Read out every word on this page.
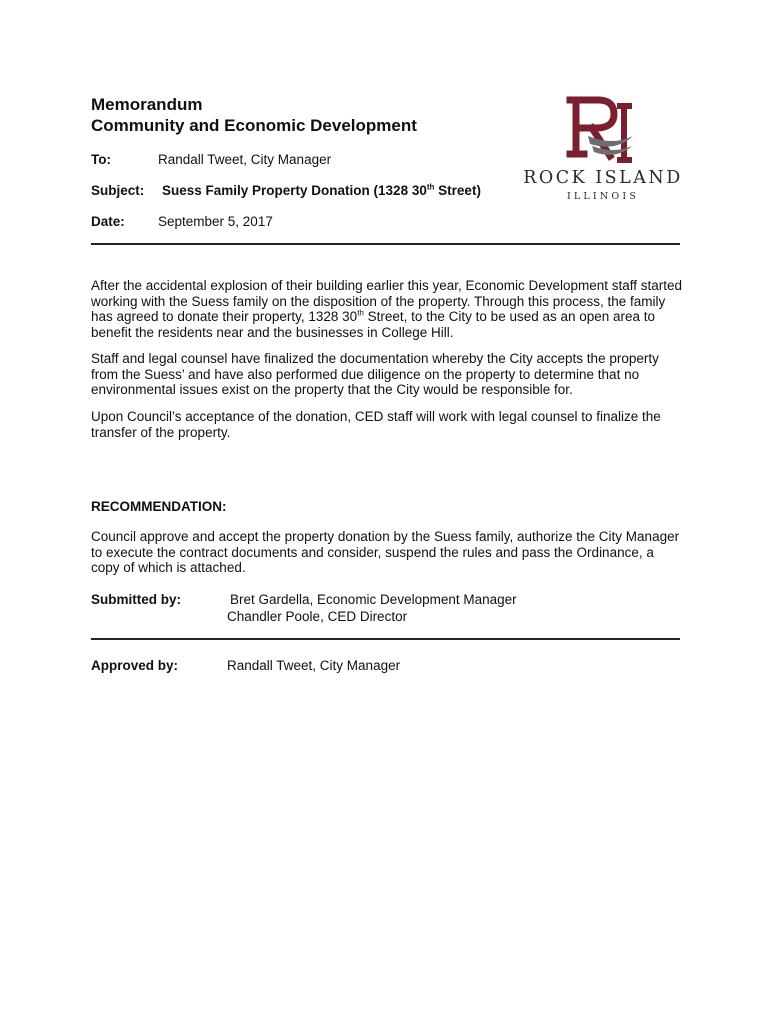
Memorandum
Community and Economic Development
ROCK ISLAND
ILLINOIS
To:	Randall Tweet, City Manager
Subject: Suess Family Property Donation (1328 30th Street)
Date: September 5, 2017
After the accidental explosion of their building earlier this year, Economic Development staff started working with the Suess family on the disposition of the property. Through this process, the family has agreed to donate their property, 1328 30th Street, to the City to be used as an open area to benefit the residents near and the businesses in College Hill.
Staff and legal counsel have finalized the documentation whereby the City accepts the property from the Suess’ and have also performed due diligence on the property to determine that no environmental issues exist on the property that the City would be responsible for.
Upon Council’s acceptance of the donation, CED staff will work with legal counsel to finalize the transfer of the property.
RECOMMENDATION:
Council approve and accept the property donation by the Suess family, authorize the City Manager to execute the contract documents and consider, suspend the rules and pass the Ordinance, a copy of which is attached.
Submitted by:	Bret Gardella, Economic Development Manager
Chandler Poole, CED Director
Approved by:	Randall Tweet, City Manager
